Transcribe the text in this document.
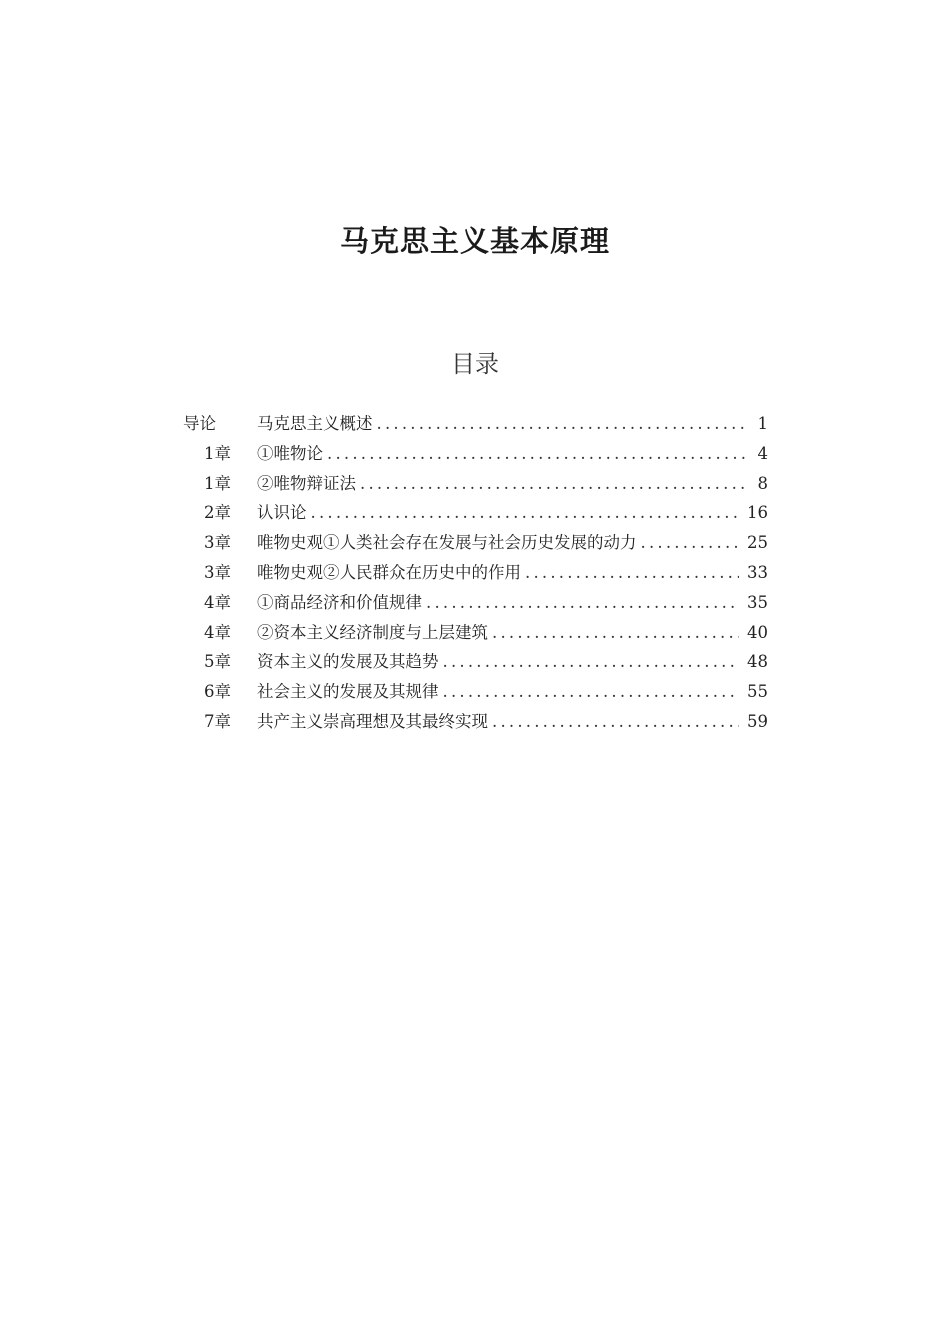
马克思主义基本原理
目录
导论	马克思主义概述 .....	1
1章 ①唯物论 .....	4
1章 ②唯物辩证法 .....	8
2章 认识论 .....	16
3章 唯物史观①人类社会存在发展与社会历史发展的动力 .....	25
3章 唯物史观②人民群众在历史中的作用 .....	33
4章 ①商品经济和价值规律 .....	35
4章 ②资本主义经济制度与上层建筑 .....	40
5章 资本主义的发展及其趋势 .....	48
6章 社会主义的发展及其规律 .....	55
7章 共产主义崇高理想及其最终实现 .....	59
